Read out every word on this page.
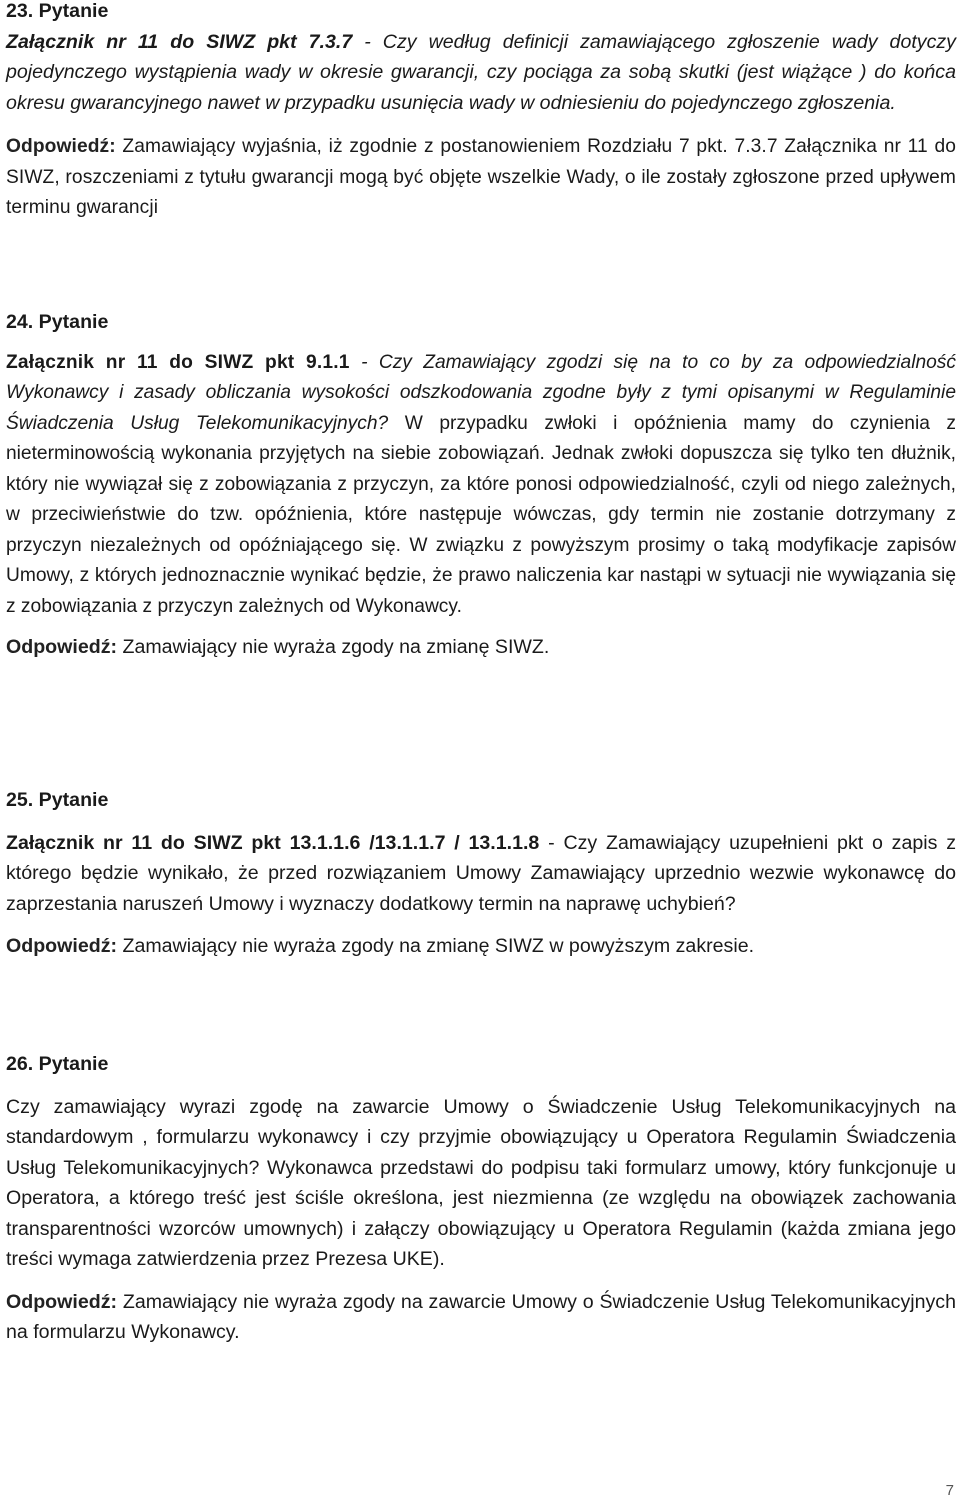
23. Pytanie

Załącznik nr 11 do SIWZ pkt 7.3.7 - Czy według definicji zamawiającego zgłoszenie wady dotyczy pojedynczego wystąpienia wady w okresie gwarancji, czy pociąga za sobą skutki (jest wiążące ) do końca okresu gwarancyjnego nawet w przypadku usunięcia wady w odniesieniu do pojedynczego zgłoszenia.

Odpowiedź: Zamawiający wyjaśnia, iż zgodnie z postanowieniem Rozdziału 7 pkt. 7.3.7 Załącznika nr 11 do SIWZ, roszczeniami z tytułu gwarancji mogą być objęte wszelkie Wady, o ile zostały zgłoszone przed upływem terminu gwarancji

24. Pytanie

Załącznik nr 11 do SIWZ pkt 9.1.1 - Czy Zamawiający zgodzi się na to co by za odpowiedzialność Wykonawcy i zasady obliczania wysokości odszkodowania zgodne były z tymi opisanymi w Regulaminie Świadczenia Usług Telekomunikacyjnych? W przypadku zwłoki i opóźnienia mamy do czynienia z nieterminowością wykonania przyjętych na siebie zobowiązań. Jednak zwłoki dopuszcza się tylko ten dłużnik, który nie wywiązał się z zobowiązania z przyczyn, za które ponosi odpowiedzialność, czyli od niego zależnych, w przeciwieństwie do tzw. opóźnienia, które następuje wówczas, gdy termin nie zostanie dotrzymany z przyczyn niezależnych od opóźniającego się. W związku z powyższym prosimy o taką modyfikacje zapisów Umowy, z których jednoznacznie wynikać będzie, że prawo naliczenia kar nastąpi w sytuacji nie wywiązania się z zobowiązania z przyczyn zależnych od Wykonawcy.

Odpowiedź: Zamawiający nie wyraża zgody na zmianę SIWZ.

25. Pytanie

Załącznik nr 11 do SIWZ pkt 13.1.1.6 /13.1.1.7 / 13.1.1.8 - Czy Zamawiający uzupełnieni pkt o zapis z którego będzie wynikało, że przed rozwiązaniem Umowy Zamawiający uprzednio wezwie wykonawcę do zaprzestania naruszeń Umowy i wyznaczy dodatkowy termin na naprawę uchybień?

Odpowiedź: Zamawiający nie wyraża zgody na zmianę SIWZ w powyższym zakresie.

26. Pytanie

Czy zamawiający wyrazi zgodę na zawarcie Umowy o Świadczenie Usług Telekomunikacyjnych na standardowym , formularzu wykonawcy i czy przyjmie obowiązujący u Operatora Regulamin Świadczenia Usług Telekomunikacyjnych? Wykonawca przedstawi do podpisu taki formularz umowy, który funkcjonuje u Operatora, a którego treść jest ściśle określona, jest niezmienna (ze względu na obowiązek zachowania transparentności wzorców umownych) i załączy obowiązujący u Operatora Regulamin (każda zmiana jego treści wymaga zatwierdzenia przez Prezesa UKE).

Odpowiedź: Zamawiający nie wyraża zgody na zawarcie Umowy o Świadczenie Usług Telekomunikacyjnych na formularzu Wykonawcy.

7
